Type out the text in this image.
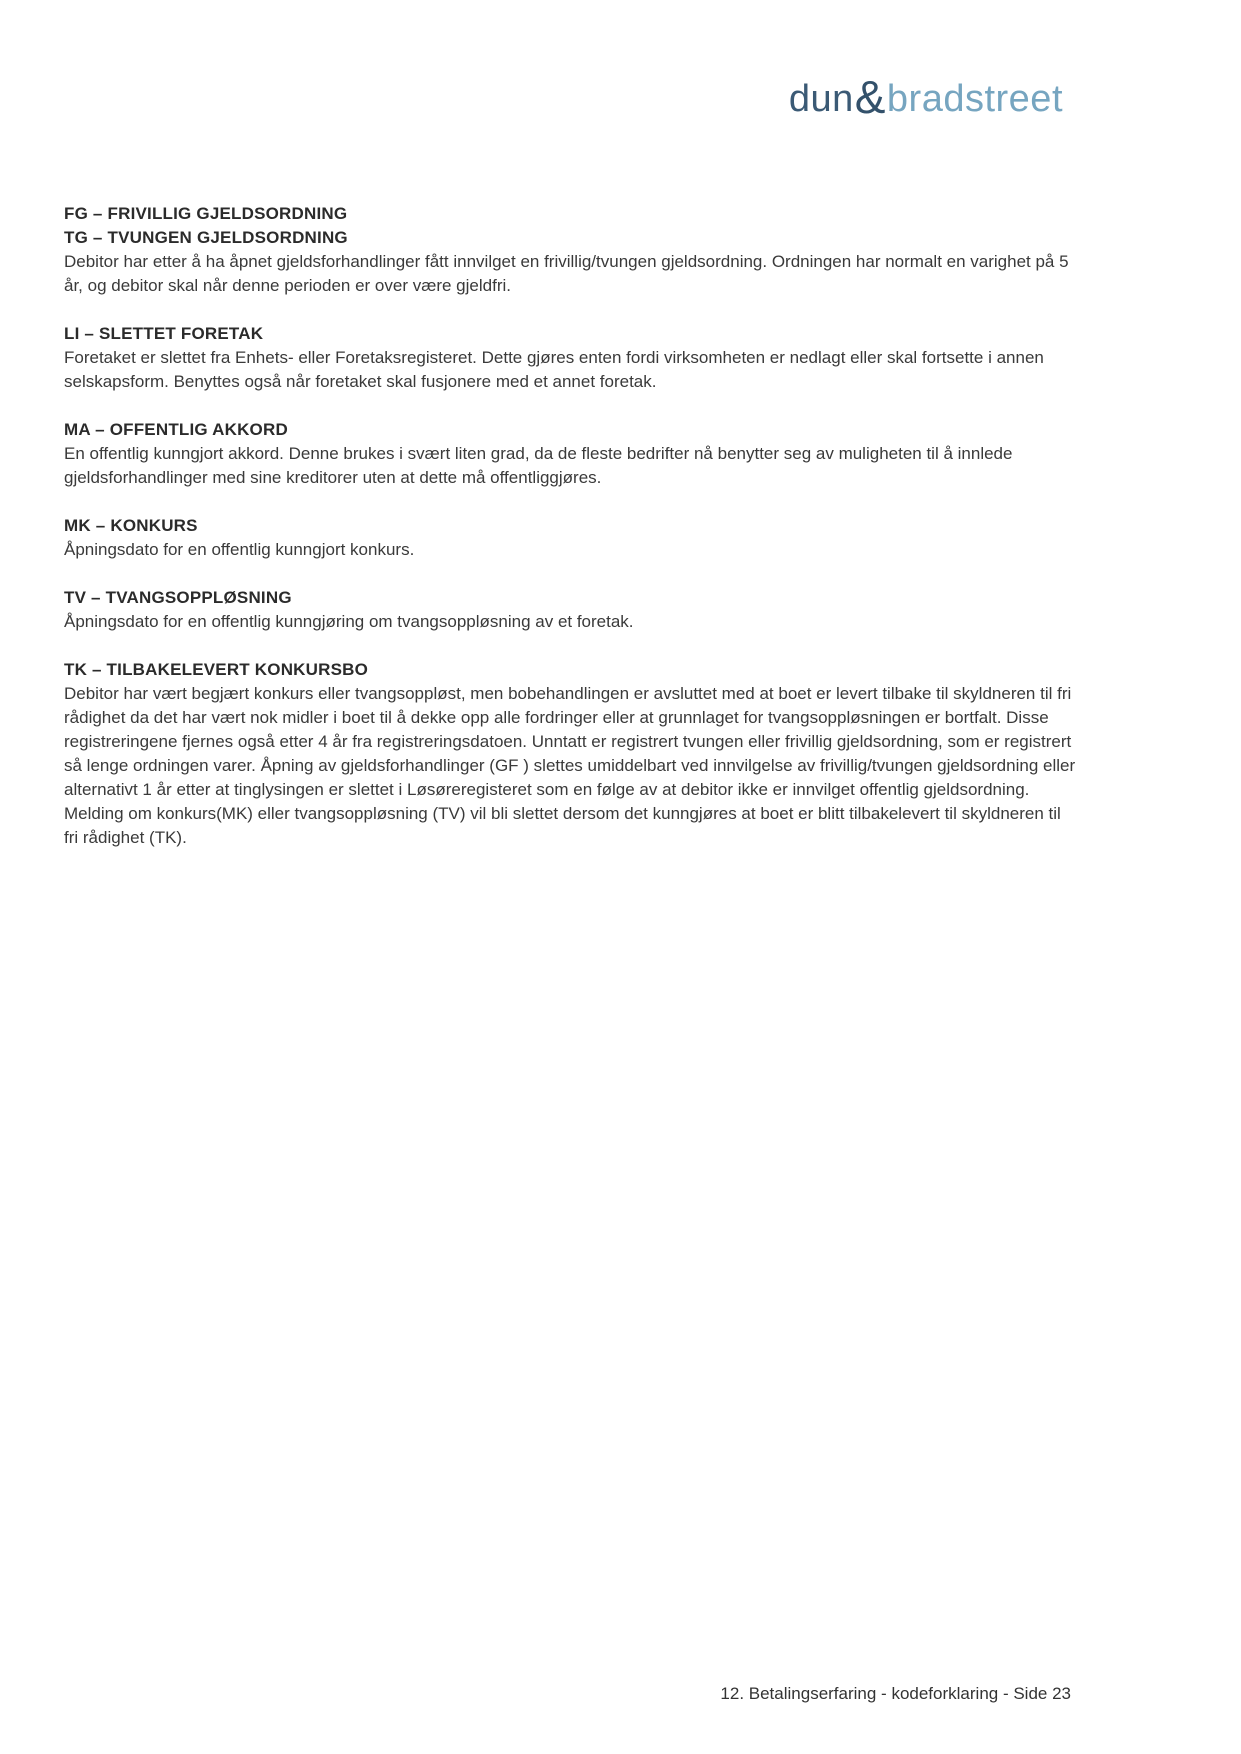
dun&bradstreet
FG – FRIVILLIG GJELDSORDNING
TG – TVUNGEN GJELDSORDNING

Debitor har etter å ha åpnet gjeldsforhandlinger fått innvilget en frivillig/tvungen gjeldsordning. Ordningen har normalt en varighet på 5 år, og debitor skal når denne perioden er over være gjeldfri.

LI – SLETTET FORETAK

Foretaket er slettet fra Enhets- eller Foretaksregisteret. Dette gjøres enten fordi virksomheten er nedlagt eller skal fortsette i annen selskapsform. Benyttes også når foretaket skal fusjonere med et annet foretak.

MA – OFFENTLIG AKKORD

En offentlig kunngjort akkord. Denne brukes i svært liten grad, da de fleste bedrifter nå benytter seg av muligheten til å innlede gjeldsforhandlinger med sine kreditorer uten at dette må offentliggjøres.

MK – KONKURS

Åpningsdato for en offentlig kunngjort konkurs.

TV – TVANGSOPPLØSNING

Åpningsdato for en offentlig kunngjøring om tvangsoppløsning av et foretak.

TK – TILBAKELEVERT KONKURSBO

Debitor har vært begjært konkurs eller tvangsoppløst, men bobehandlingen er avsluttet med at boet er levert tilbake til skyldneren til fri rådighet da det har vært nok midler i boet til å dekke opp alle fordringer eller at grunnlaget for tvangsoppløsningen er bortfalt. Disse registreringene fjernes også etter 4 år fra registreringsdatoen. Unntatt er registrert tvungen eller frivillig gjeldsordning, som er registrert så lenge ordningen varer. Åpning av gjeldsforhandlinger (GF ) slettes umiddelbart ved innvilgelse av frivillig/tvungen gjeldsordning eller alternativt 1 år etter at tinglysingen er slettet i Løsøreregisteret som en følge av at debitor ikke er innvilget offentlig gjeldsordning. Melding om konkurs(MK) eller tvangsoppløsning (TV) vil bli slettet dersom det kunngjøres at boet er blitt tilbakelevert til skyldneren til fri rådighet (TK).

12. Betalingserfaring - kodeforklaring - Side 23
